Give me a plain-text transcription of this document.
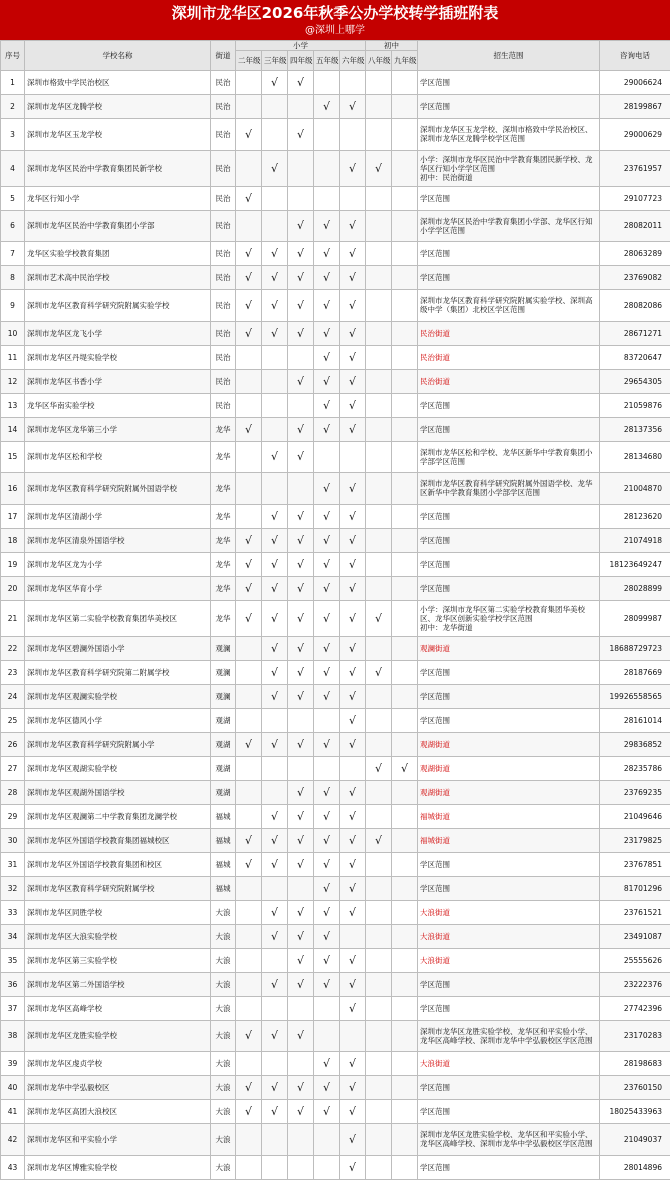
深圳市龙华区2026年秋季公办学校转学插班附表
@深圳上哪学
序号	学校名称	街道	小学					初中		招生范围	咨询电话
			二年级	三年级	四年级	五年级	六年级	八年级	九年级		
1	深圳市格致中学民治校区	民治		√	√					学区范围	29006624
2	深圳市龙华区龙腾学校	民治				√	√			学区范围	28199867
3	深圳市龙华区玉龙学校	民治	√		√					深圳市龙华区玉龙学校、深圳市格致中学民治校区、深圳市龙华区龙腾学校学区范围	29000629
4	深圳市龙华区民治中学教育集团民新学校	民治		√			√	√		小学：深圳市龙华区民治中学教育集团民新学校、龙华区行知小学学区范围
初中：民治街道	23761957
5	龙华区行知小学	民治	√							学区范围	29107723
6	深圳市龙华区民治中学教育集团小学部	民治			√	√	√			深圳市龙华区民治中学教育集团小学部、龙华区行知小学学区范围	28082011
7	龙华区实验学校教育集团	民治	√	√	√	√	√			学区范围	28063289
8	深圳市艺术高中民治学校	民治	√	√	√	√	√			学区范围	23769082
9	深圳市龙华区教育科学研究院附属实验学校	民治	√	√	√	√	√			深圳市龙华区教育科学研究院附属实验学校、深圳高级中学（集团）北校区学区范围	28082086
10	深圳市龙华区龙飞小学	民治	√	√	√	√	√			民治街道	28671271
11	深圳市龙华区丹堤实验学校	民治				√	√			民治街道	83720647
12	深圳市龙华区书香小学	民治			√	√	√			民治街道	29654305
13	龙华区华南实验学校	民治				√	√			学区范围	21059876
14	深圳市龙华区龙华第三小学	龙华	√		√	√	√			学区范围	28137356
15	深圳市龙华区松和学校	龙华		√	√					深圳市龙华区松和学校、龙华区新华中学教育集团小学部学区范围	28134680
16	深圳市龙华区教育科学研究院附属外国语学校	龙华				√	√			深圳市龙华区教育科学研究院附属外国语学校、龙华区新华中学教育集团小学部学区范围	21004870
17	深圳市龙华区清湖小学	龙华		√	√	√	√			学区范围	28123620
18	深圳市龙华区清泉外国语学校	龙华	√	√	√	√	√			学区范围	21074918
19	深圳市龙华区龙为小学	龙华	√	√	√	√	√			学区范围	18123649247
20	深圳市龙华区华育小学	龙华	√	√	√	√	√			学区范围	28028899
21	深圳市龙华区第二实验学校教育集团华美校区	龙华	√	√	√	√	√	√		小学：深圳市龙华区第二实验学校教育集团华美校区、龙华区创新实验学校学区范围
初中：龙华街道	28099987
22	深圳市龙华区碧澜外国语小学	观澜		√	√	√	√			观澜街道	18688729723
23	深圳市龙华区教育科学研究院第二附属学校	观澜		√	√	√	√	√		学区范围	28187669
24	深圳市龙华区观澜实验学校	观澜		√	√	√	√			学区范围	19926558565
25	深圳市龙华区德风小学	观湖					√			学区范围	28161014
26	深圳市龙华区教育科学研究院附属小学	观湖	√	√	√	√	√			观湖街道	29836852
27	深圳市龙华区观湖实验学校	观湖						√	√	观湖街道	28235786
28	深圳市龙华区观湖外国语学校	观湖			√	√	√			观湖街道	23769235
29	深圳市龙华区观澜第二中学教育集团龙澜学校	福城		√	√	√	√			福城街道	21049646
30	深圳市龙华区外国语学校教育集团福城校区	福城	√	√	√	√	√	√		福城街道	23179825
31	深圳市龙华区外国语学校教育集团和校区	福城	√	√	√	√	√			学区范围	23767851
32	深圳市龙华区教育科学研究院附属学校	福城				√	√			学区范围	81701296
33	深圳市龙华区同胜学校	大浪		√	√	√	√			大浪街道	23761521
34	深圳市龙华区大浪实验学校	大浪		√	√	√				大浪街道	23491087
35	深圳市龙华区第三实验学校	大浪			√	√	√			大浪街道	25555626
36	深圳市龙华区第二外国语学校	大浪		√	√	√	√			学区范围	23222376
37	深圳市龙华区高峰学校	大浪					√			学区范围	27742396
38	深圳市龙华区龙胜实验学校	大浪	√	√	√					深圳市龙华区龙胜实验学校、龙华区和平实验小学、龙华区高峰学校、深圳市龙华中学弘毅校区学区范围	23170283
39	深圳市龙华区虔贞学校	大浪				√	√			大浪街道	28198683
40	深圳市龙华中学弘毅校区	大浪	√	√	√	√	√			学区范围	23760150
41	深圳市龙华区高团大浪校区	大浪	√	√	√	√	√			学区范围	18025433963
42	深圳市龙华区和平实验小学	大浪					√			深圳市龙华区龙胜实验学校、龙华区和平实验小学、龙华区高峰学校、深圳市龙华中学弘毅校区学区范围	21049037
43	深圳市龙华区博雅实验学校	大浪					√			学区范围	28014896
